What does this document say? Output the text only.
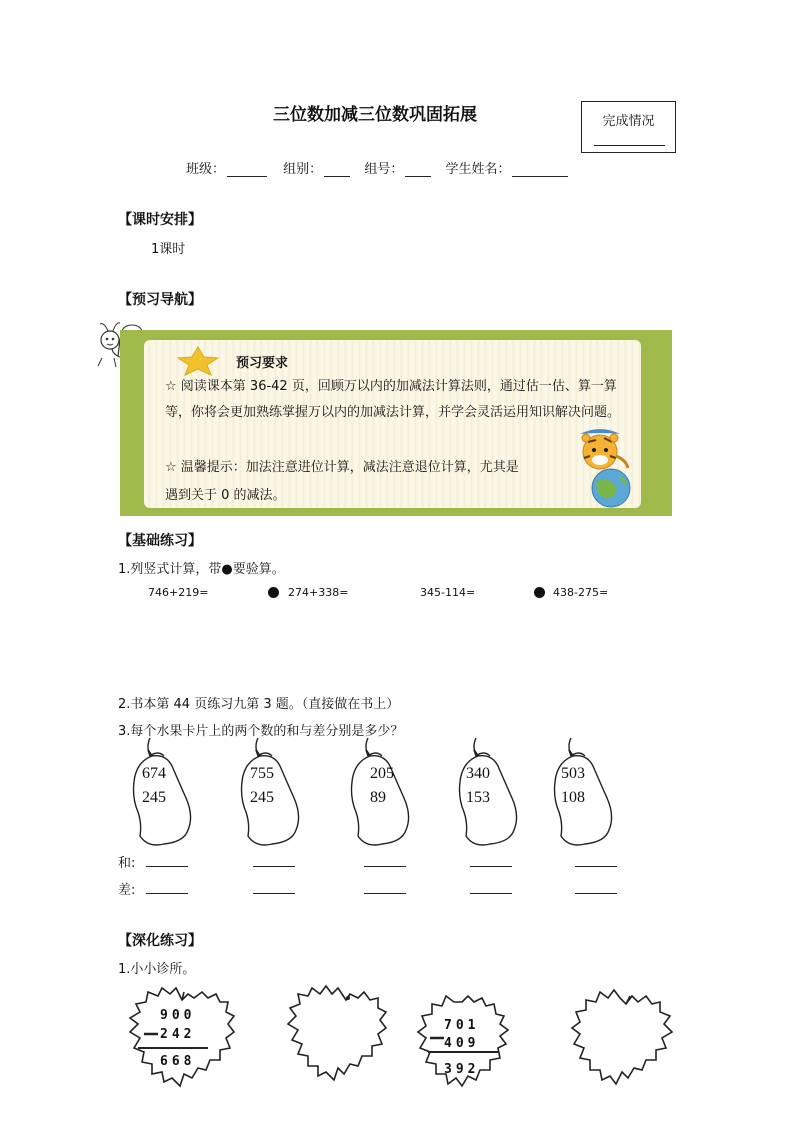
三位数加减三位数巩固拓展	完成情况
班级：	组别：	组号：	学生姓名：
【课时安排】
1课时
【预习导航】
预习要求
☆ 阅读课本第 36-42 页，回顾万以内的加减法计算法则，通过估一估、算一算等，你将会更加熟练掌握万以内的加减法计算，并学会灵活运用知识解决问题。
☆ 温馨提示：加法注意进位计算，减法注意退位计算，尤其是
遇到关于 0 的减法。
【基础练习】
1.列竖式计算，带●要验算。
746+219=	274+338=	345-114=	438-275=
2.书本第 44 页练习九第 3 题。（直接做在书上）
3.每个水果卡片上的两个数的和与差分别是多少？
674
245
755
245
205
89
340
153
503
108
和:
差:
【深化练习】
1.小小诊所。
900
242
668
701
409
392
